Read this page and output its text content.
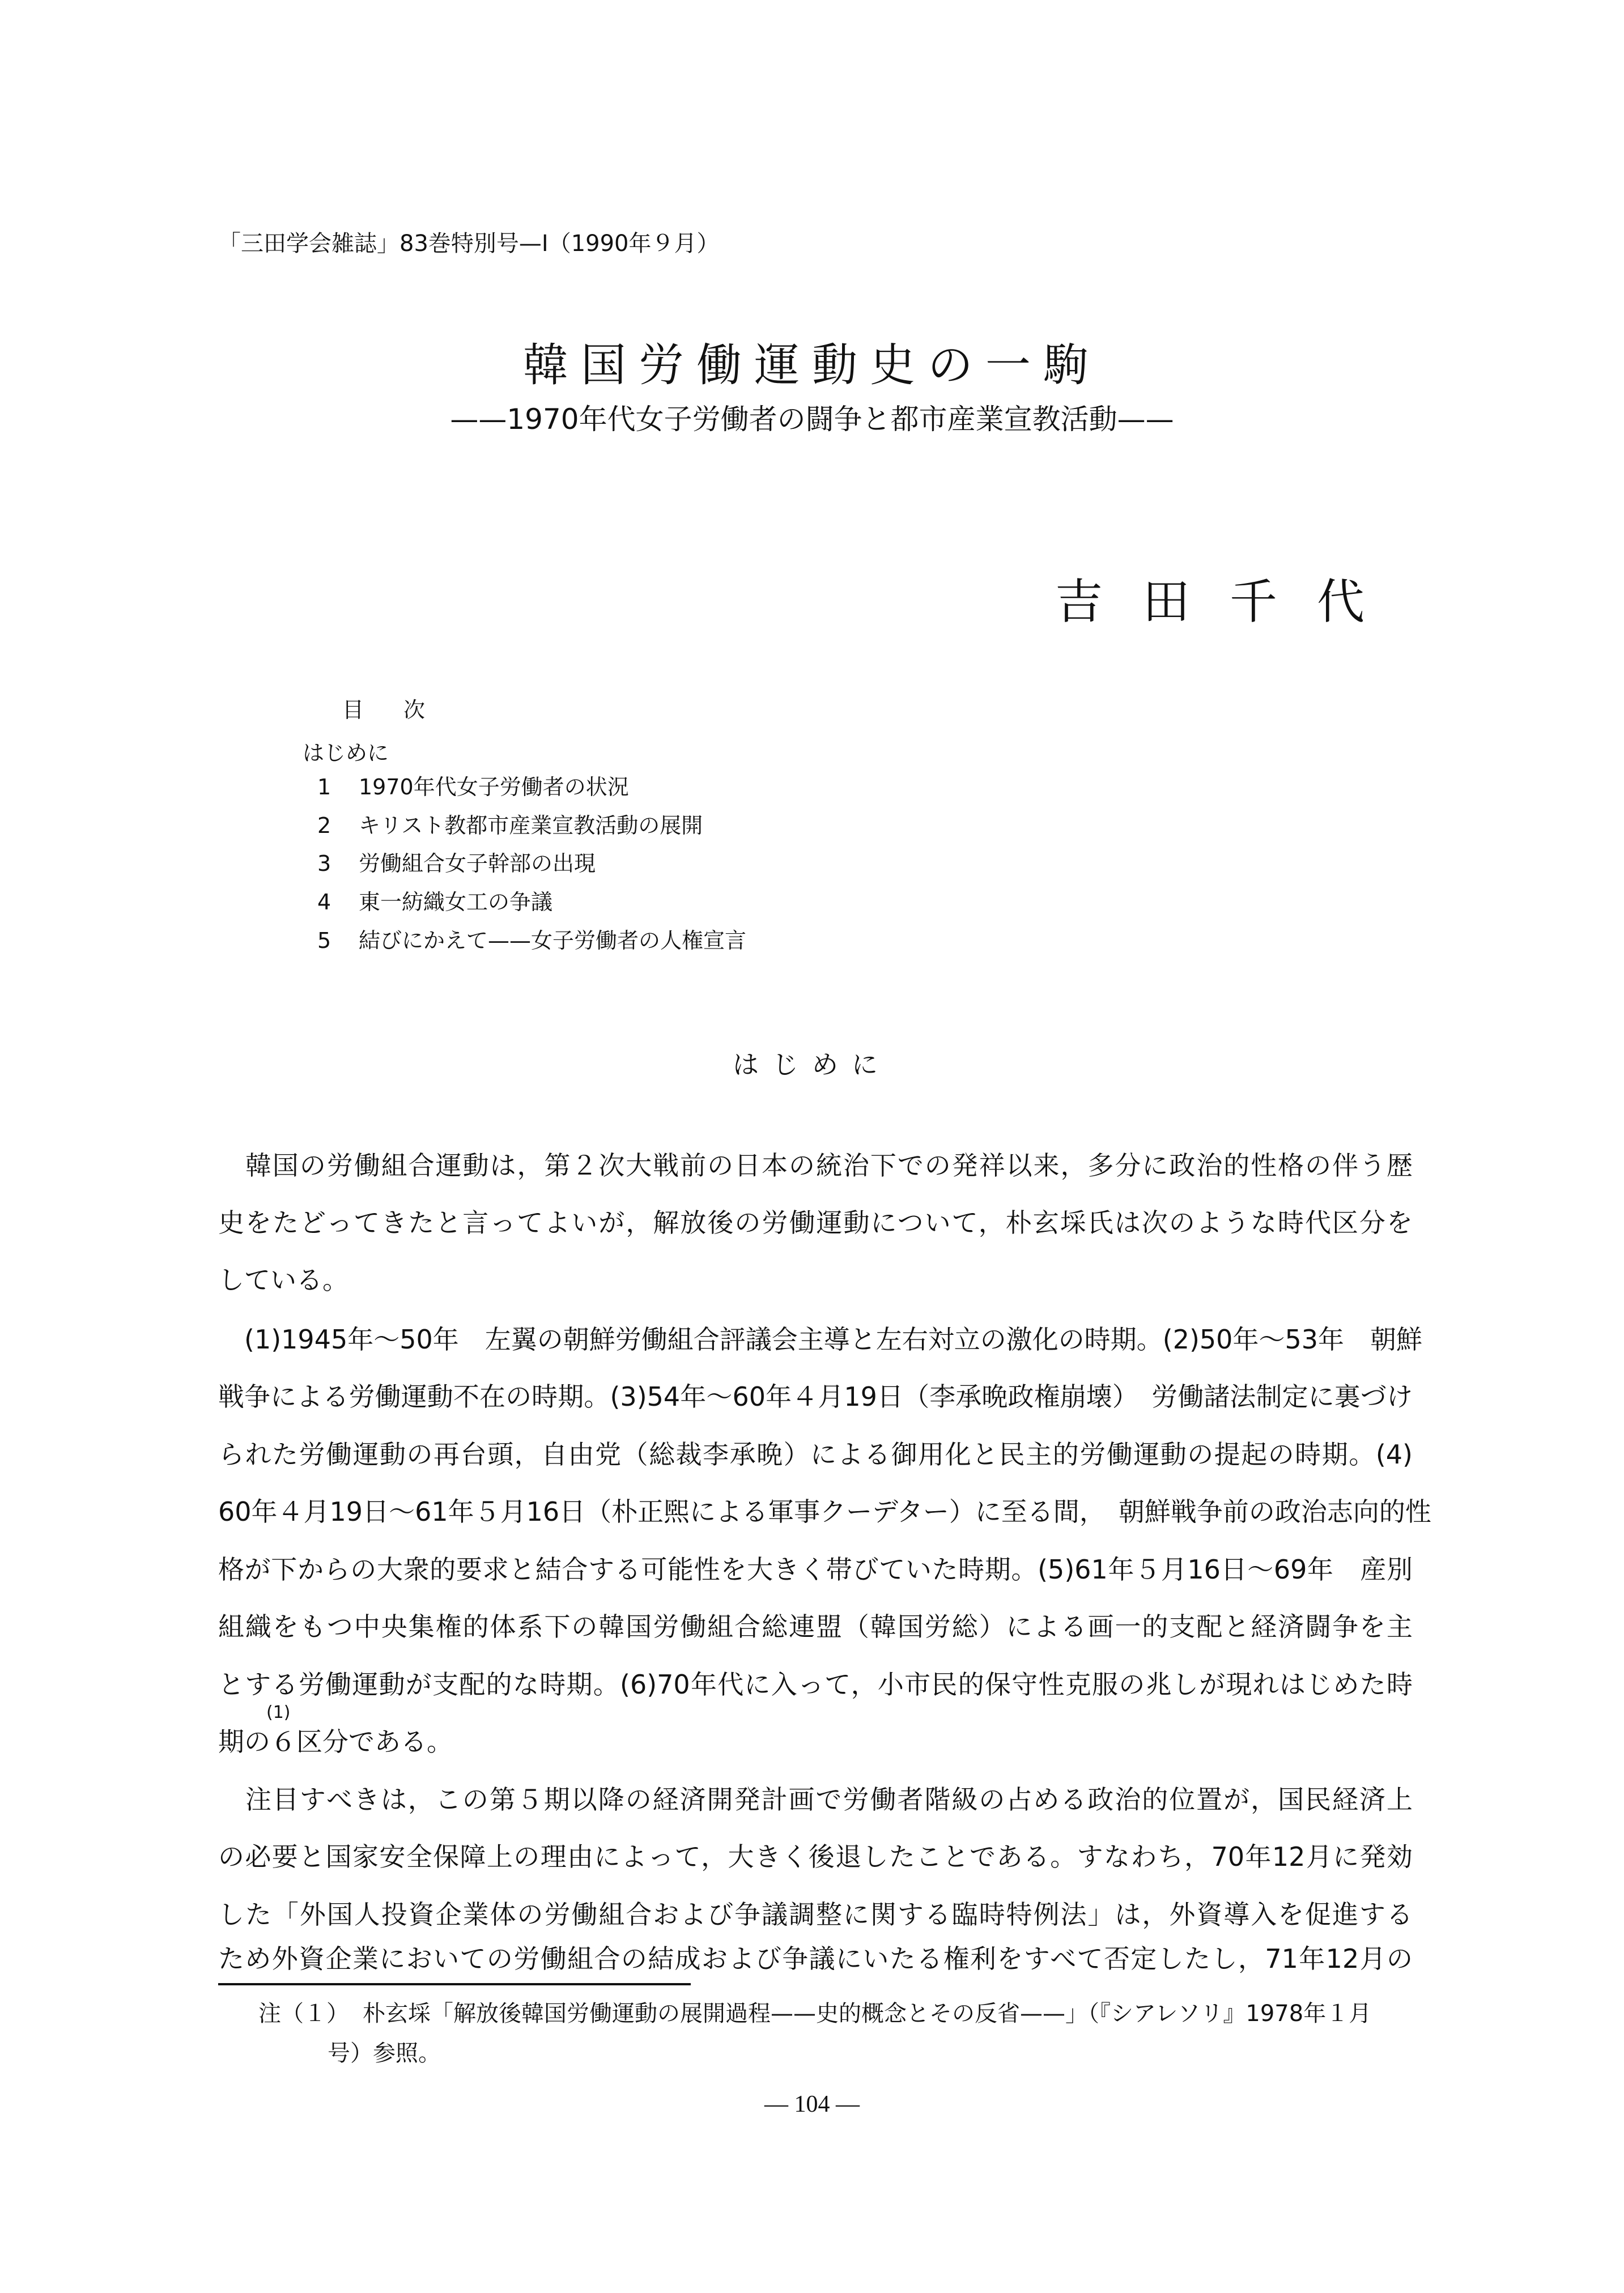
「三田学会雑誌」83巻特別号—Ⅰ（1990年９月）
韓国労働運動史の一駒
——1970年代女子労働者の闘争と都市産業宣教活動——
吉田千代
目次
はじめに
1 1970年代女子労働者の状況
2 キリスト教都市産業宣教活動の展開
3 労働組合女子幹部の出現
4 東一紡織女工の争議
5 結びにかえて——女子労働者の人権宣言
はじめに
　韓国の労働組合運動は，第２次大戦前の日本の統治下での発祥以来，多分に政治的性格の伴う歴
史をたどってきたと言ってよいが，解放後の労働運動について，朴玄埰氏は次のような時代区分を
している。
　(1)1945年～50年　左翼の朝鮮労働組合評議会主導と左右対立の激化の時期。(2)50年～53年　朝鮮
戦争による労働運動不在の時期。(3)54年～60年４月19日（李承晩政権崩壊）　労働諸法制定に裏づけ
られた労働運動の再台頭，自由党（総裁李承晩）による御用化と民主的労働運動の提起の時期。(4)
60年４月19日～61年５月16日（朴正煕による軍事クーデター）に至る間，　朝鮮戦争前の政治志向的性
格が下からの大衆的要求と結合する可能性を大きく帯びていた時期。(5)61年５月16日～69年　産別
組織をもつ中央集権的体系下の韓国労働組合総連盟（韓国労総）による画一的支配と経済闘争を主
とする労働運動が支配的な時期。(6)70年代に入って，小市民的保守性克服の兆しが現れはじめた時
(1)
期の６区分である。
　注目すべきは，この第５期以降の経済開発計画で労働者階級の占める政治的位置が，国民経済上
の必要と国家安全保障上の理由によって，大きく後退したことである。すなわち，70年12月に発効
した「外国人投資企業体の労働組合および争議調整に関する臨時特例法」は，外資導入を促進する
ため外資企業においての労働組合の結成および争議にいたる権利をすべて否定したし，71年12月の
注（１） 朴玄埰「解放後韓国労働運動の展開過程——史的概念とその反省——」（『シアレソリ』1978年１月
号）参照。
— 104 —
